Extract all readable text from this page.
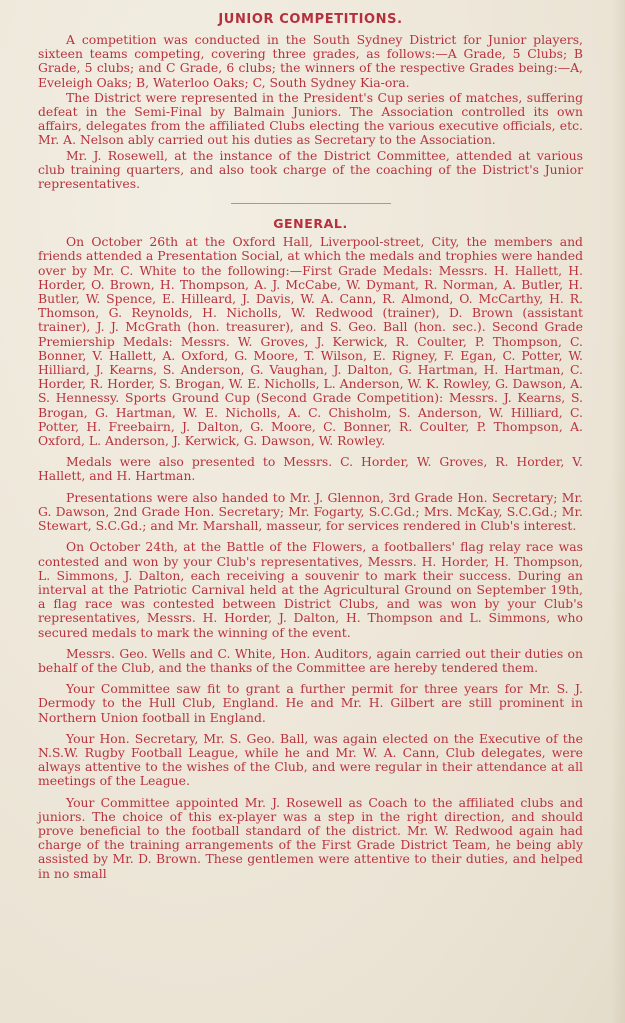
JUNIOR COMPETITIONS.

A competition was conducted in the South Sydney District for Junior players, sixteen teams competing, covering three grades, as follows:—A Grade, 5 Clubs; B Grade, 5 clubs; and C Grade, 6 clubs; the winners of the respective Grades being:—A, Eveleigh Oaks; B, Waterloo Oaks; C, South Sydney Kia-ora.

The District were represented in the President's Cup series of matches, suffering defeat in the Semi-Final by Balmain Juniors. The Association controlled its own affairs, delegates from the affiliated Clubs electing the various executive officials, etc. Mr. A. Nelson ably carried out his duties as Secretary to the Association.

Mr. J. Rosewell, at the instance of the District Committee, attended at various club training quarters, and also took charge of the coaching of the District's Junior representatives.

GENERAL.

On October 26th at the Oxford Hall, Liverpool-street, City, the members and friends attended a Presentation Social, at which the medals and trophies were handed over by Mr. C. White to the following:—First Grade Medals: Messrs. H. Hallett, H. Horder, O. Brown, H. Thompson, A. J. McCabe, W. Dymant, R. Norman, A. Butler, H. Butler, W. Spence, E. Hilleard, J. Davis, W. A. Cann, R. Almond, O. McCarthy, H. R. Thomson, G. Reynolds, H. Nicholls, W. Redwood (trainer), D. Brown (assistant trainer), J. J. McGrath (hon. treasurer), and S. Geo. Ball (hon. sec.). Second Grade Premiership Medals: Messrs. W. Groves, J. Kerwick, R. Coulter, P. Thompson, C. Bonner, V. Hallett, A. Oxford, G. Moore, T. Wilson, E. Rigney, F. Egan, C. Potter, W. Hilliard, J. Kearns, S. Anderson, G. Vaughan, J. Dalton, G. Hartman, H. Hartman, C. Horder, R. Horder, S. Brogan, W. E. Nicholls, L. Anderson, W. K. Rowley, G. Dawson, A. S. Hennessy. Sports Ground Cup (Second Grade Competition): Messrs. J. Kearns, S. Brogan, G. Hartman, W. E. Nicholls, A. C. Chisholm, S. Anderson, W. Hilliard, C. Potter, H. Freebairn, J. Dalton, G. Moore, C. Bonner, R. Coulter, P. Thompson, A. Oxford, L. Anderson, J. Kerwick, G. Dawson, W. Rowley.

Medals were also presented to Messrs. C. Horder, W. Groves, R. Horder, V. Hallett, and H. Hartman.

Presentations were also handed to Mr. J. Glennon, 3rd Grade Hon. Secretary; Mr. G. Dawson, 2nd Grade Hon. Secretary; Mr. Fogarty, S.C.Gd.; Mrs. McKay, S.C.Gd.; Mr. Stewart, S.C.Gd.; and Mr. Marshall, masseur, for services rendered in Club's interest.

On October 24th, at the Battle of the Flowers, a footballers' flag relay race was contested and won by your Club's representatives, Messrs. H. Horder, H. Thompson, L. Simmons, J. Dalton, each receiving a souvenir to mark their success. During an interval at the Patriotic Carnival held at the Agricultural Ground on September 19th, a flag race was contested between District Clubs, and was won by your Club's representatives, Messrs. H. Horder, J. Dalton, H. Thompson and L. Simmons, who secured medals to mark the winning of the event.

Messrs. Geo. Wells and C. White, Hon. Auditors, again carried out their duties on behalf of the Club, and the thanks of the Committee are hereby tendered them.

Your Committee saw fit to grant a further permit for three years for Mr. S. J. Dermody to the Hull Club, England. He and Mr. H. Gilbert are still prominent in Northern Union football in England.

Your Hon. Secretary, Mr. S. Geo. Ball, was again elected on the Executive of the N.S.W. Rugby Football League, while he and Mr. W. A. Cann, Club delegates, were always attentive to the wishes of the Club, and were regular in their attendance at all meetings of the League.

Your Committee appointed Mr. J. Rosewell as Coach to the affiliated clubs and juniors. The choice of this ex-player was a step in the right direction, and should prove beneficial to the football standard of the district. Mr. W. Redwood again had charge of the training arrangements of the First Grade District Team, he being ably assisted by Mr. D. Brown. These gentlemen were attentive to their duties, and helped in no small
